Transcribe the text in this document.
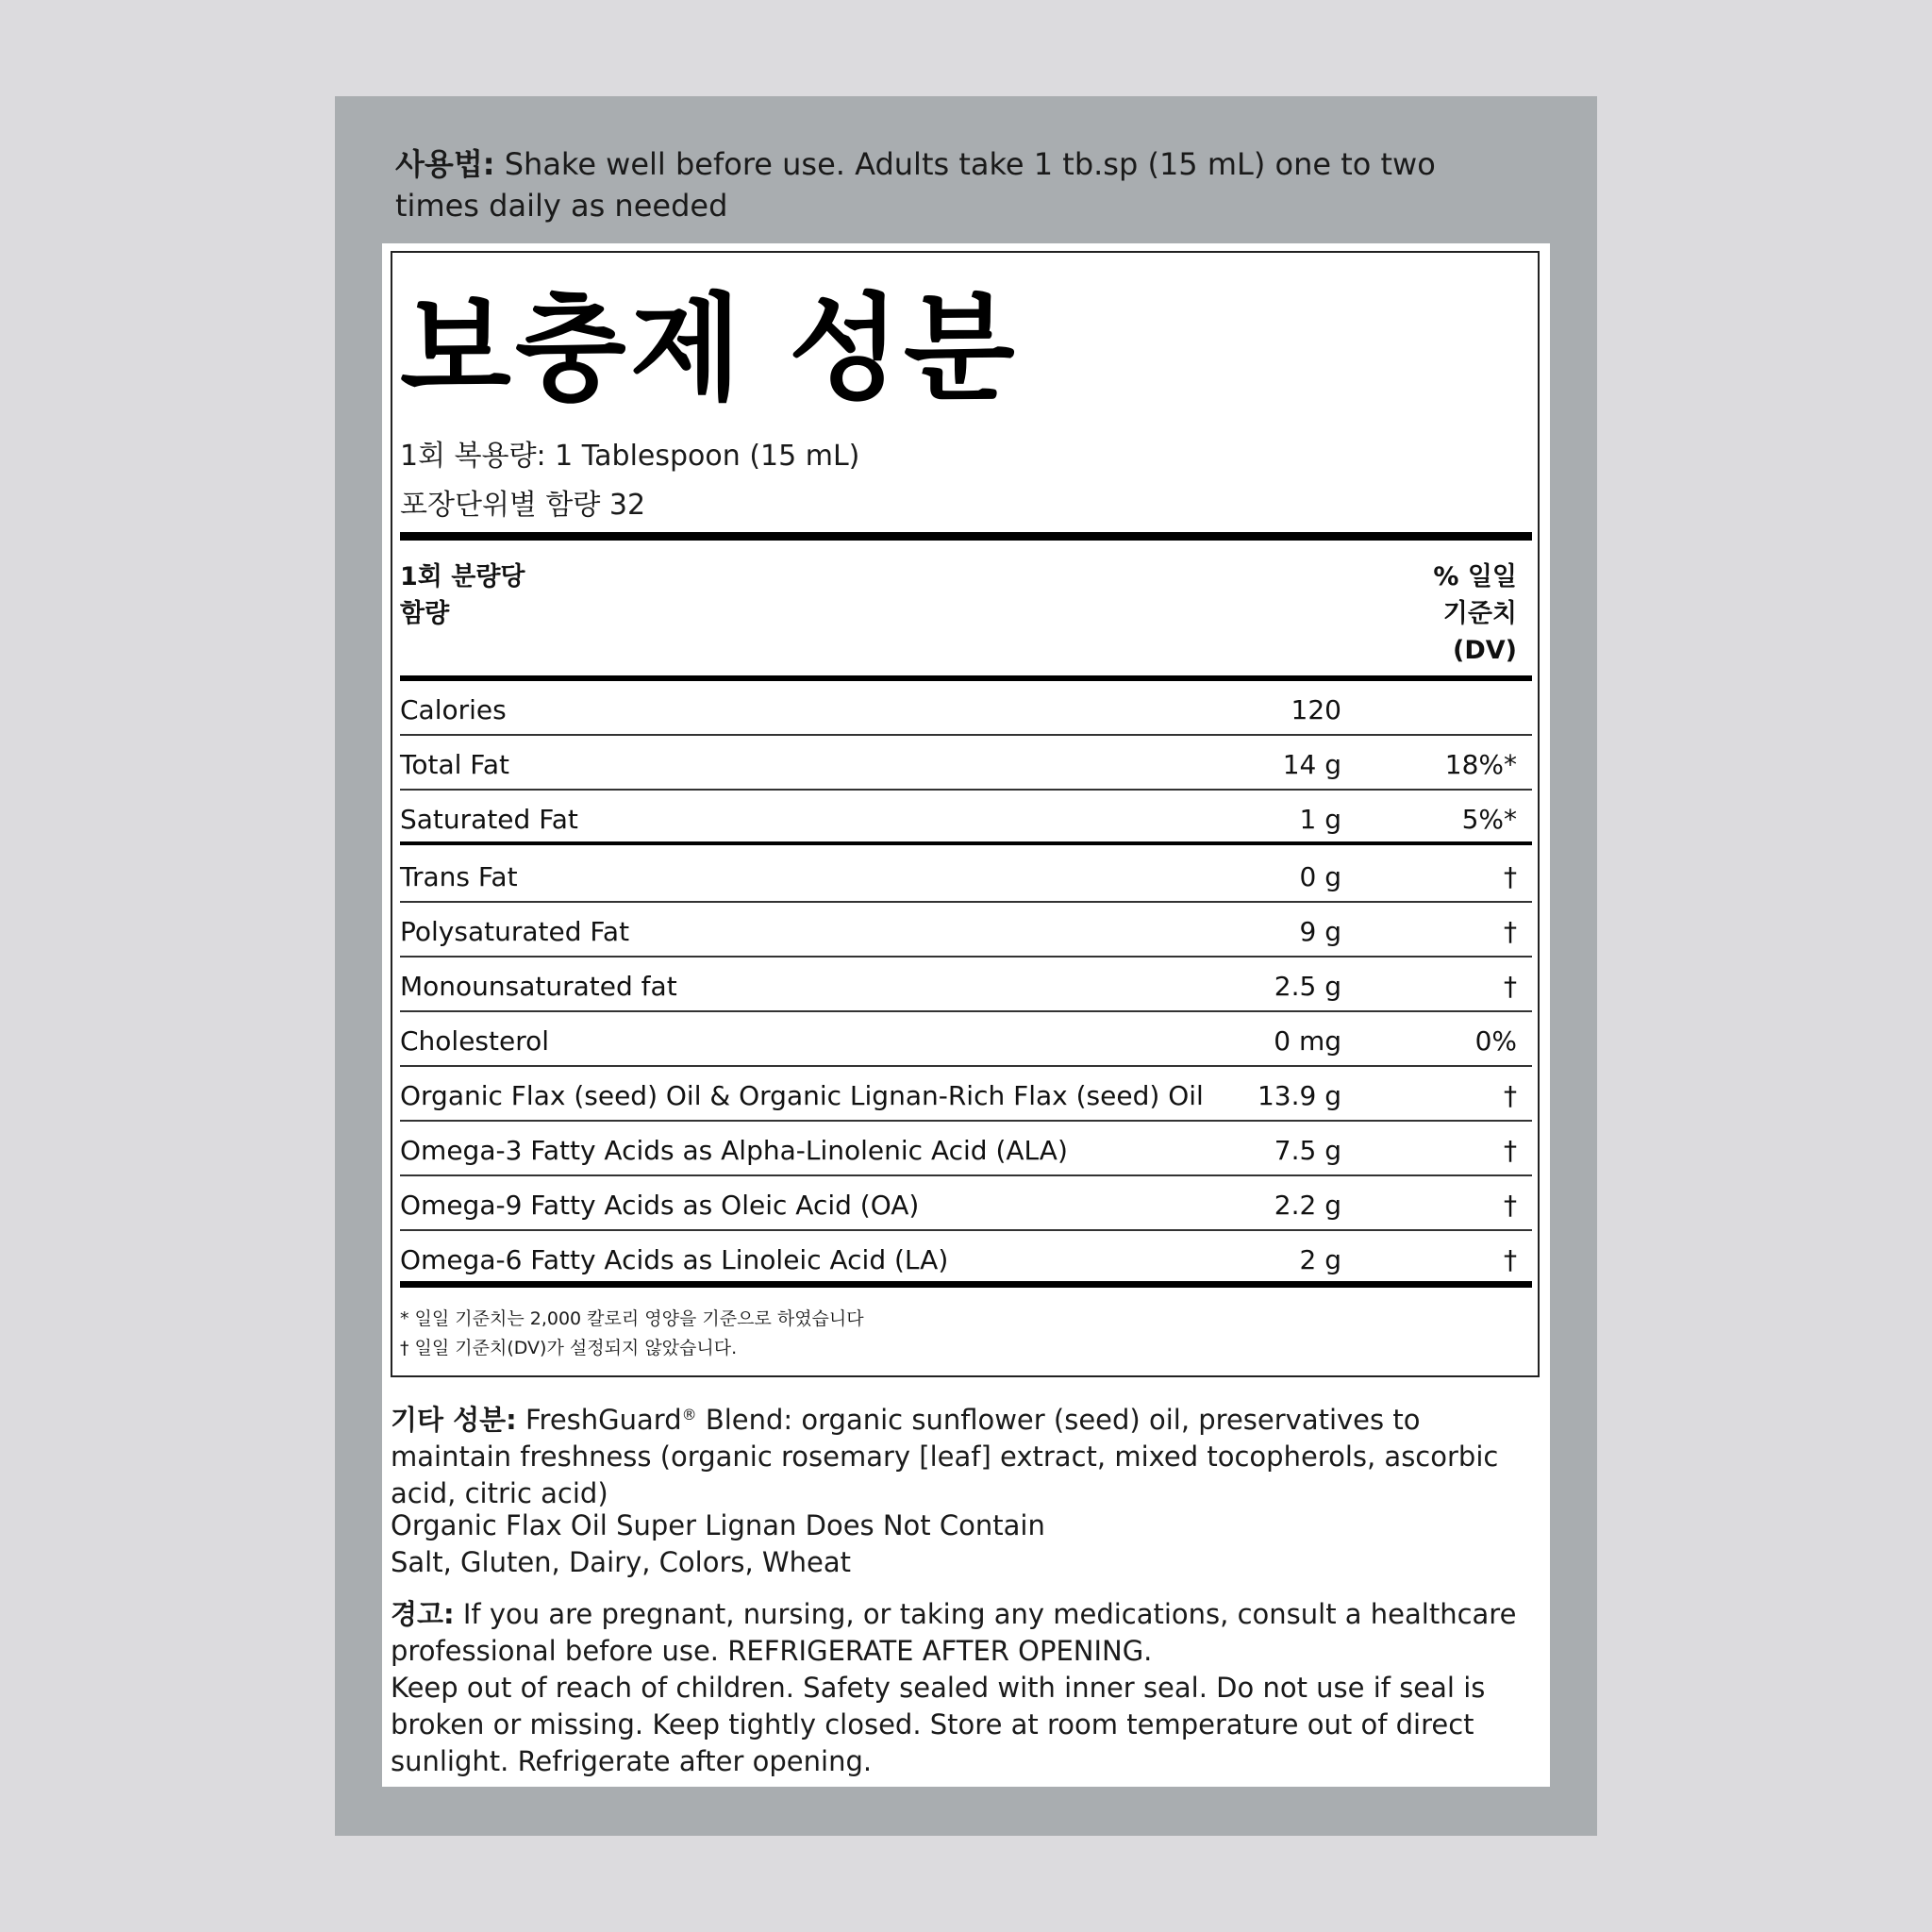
사용법: Shake well before use. Adults take 1 tb.sp (15 mL) one to two times daily as needed
보충제 성분
1회 복용량: 1 Tablespoon (15 mL)
포장단위별 함량 32
1회 분량당
함량
% 일일
기준치
(DV)
Calories	120
Total Fat	14 g	18%*
Saturated Fat	1 g	5%*
Trans Fat	0 g	†
Polysaturated Fat	9 g	†
Monounsaturated fat	2.5 g	†
Cholesterol	0 mg	0%
Organic Flax (seed) Oil & Organic Lignan-Rich Flax (seed) Oil 13.9 g	†
Omega-3 Fatty Acids as Alpha-Linolenic Acid (ALA)	7.5 g	†
Omega-9 Fatty Acids as Oleic Acid (OA)	2.2 g	†
Omega-6 Fatty Acids as Linoleic Acid (LA)	2 g	†
* 일일 기준치는 2,000 칼로리 영양을 기준으로 하였습니다
† 일일 기준치(DV)가 설정되지 않았습니다.
기타 성분: FreshGuard® Blend: organic sunflower (seed) oil, preservatives to maintain freshness (organic rosemary [leaf] extract, mixed tocopherols, ascorbic acid, citric acid)
Organic Flax Oil Super Lignan Does Not Contain
Salt, Gluten, Dairy, Colors, Wheat
경고: If you are pregnant, nursing, or taking any medications, consult a healthcare professional before use. REFRIGERATE AFTER OPENING.
Keep out of reach of children. Safety sealed with inner seal. Do not use if seal is broken or missing. Keep tightly closed. Store at room temperature out of direct sunlight. Refrigerate after opening.
